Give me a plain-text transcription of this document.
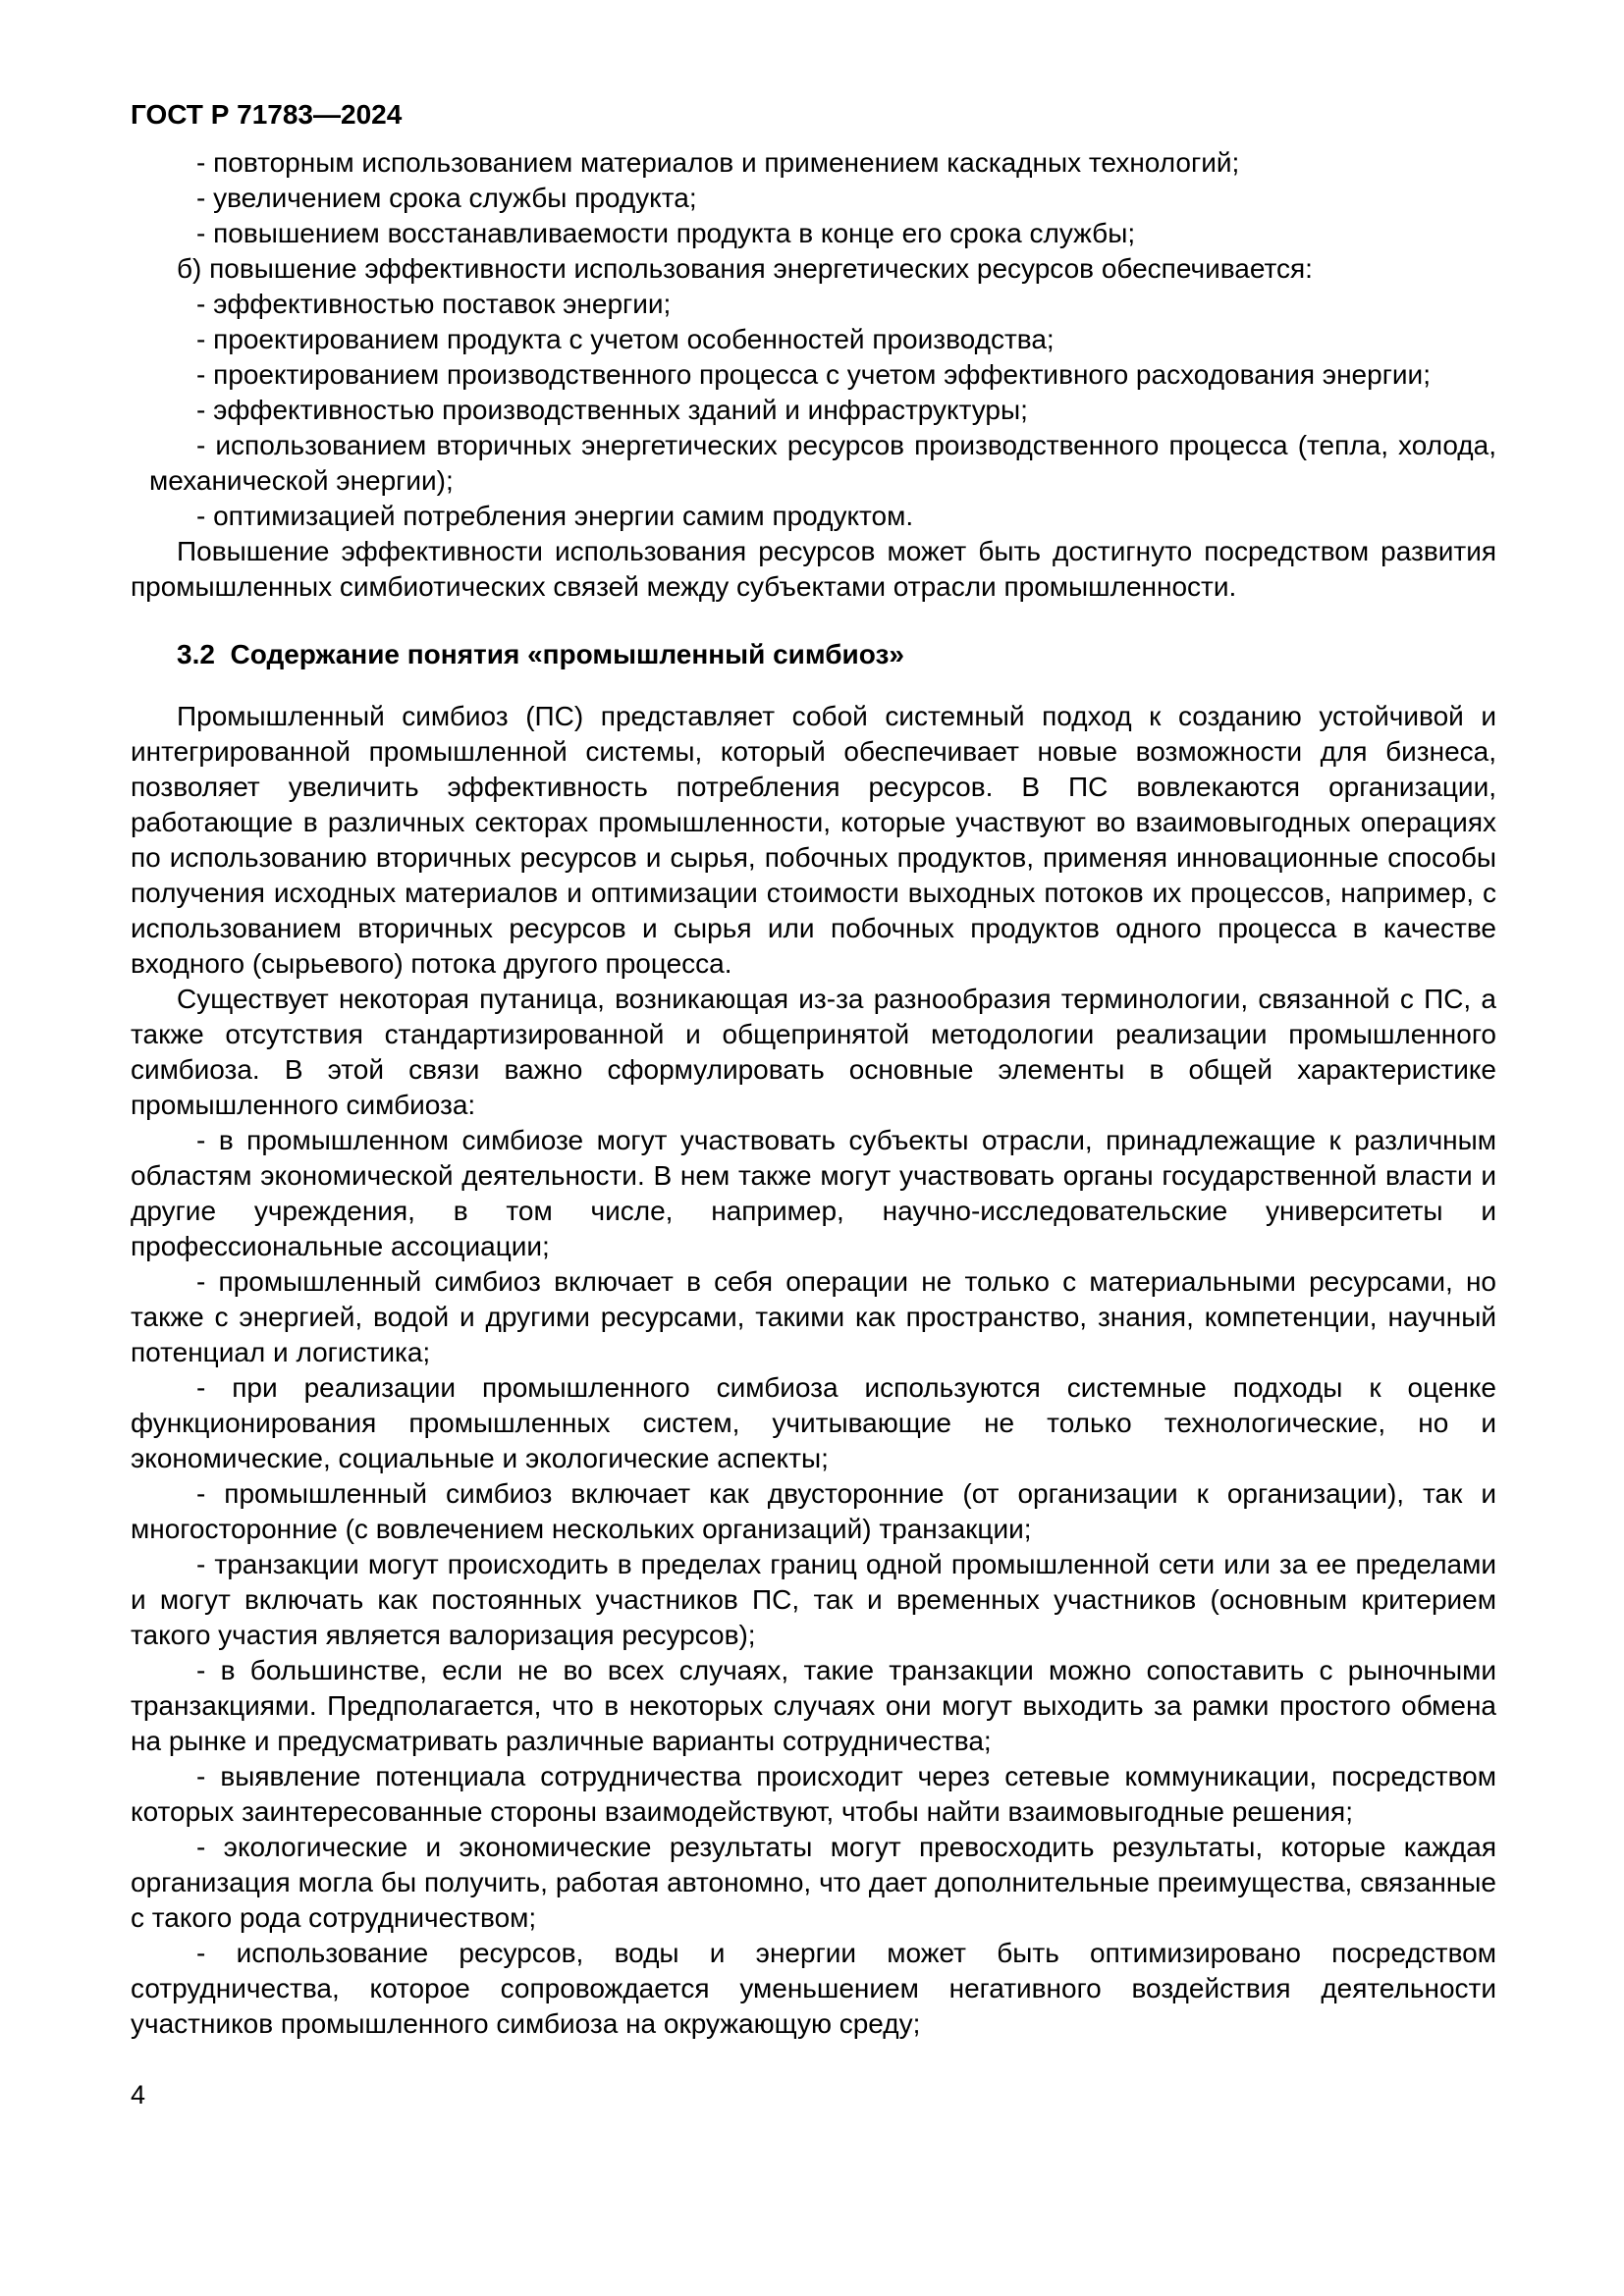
ГОСТ Р 71783—2024

- повторным использованием материалов и применением каскадных технологий;

- увеличением срока службы продукта;

- повышением восстанавливаемости продукта в конце его срока службы;

б) повышение эффективности использования энергетических ресурсов обеспечивается:

- эффективностью поставок энергии;

- проектированием продукта с учетом особенностей производства;

- проектированием производственного процесса с учетом эффективного расходования энергии;

- эффективностью производственных зданий и инфраструктуры;

- использованием вторичных энергетических ресурсов производственного процесса (тепла, холода, механической энергии);

- оптимизацией потребления энергии самим продуктом.

Повышение эффективности использования ресурсов может быть достигнуто посредством развития промышленных симбиотических связей между субъектами отрасли промышленности.

3.2  Содержание понятия «промышленный симбиоз»

Промышленный симбиоз (ПС) представляет собой системный подход к созданию устойчивой и интегрированной промышленной системы, который обеспечивает новые возможности для бизнеса, позволяет увеличить эффективность потребления ресурсов. В ПС вовлекаются организации, работающие в различных секторах промышленности, которые участвуют во взаимовыгодных операциях по использованию вторичных ресурсов и сырья, побочных продуктов, применяя инновационные способы получения исходных материалов и оптимизации стоимости выходных потоков их процессов, например, с использованием вторичных ресурсов и сырья или побочных продуктов одного процесса в качестве входного (сырьевого) потока другого процесса.

Существует некоторая путаница, возникающая из-за разнообразия терминологии, связанной с ПС, а также отсутствия стандартизированной и общепринятой методологии реализации промышленного симбиоза. В этой связи важно сформулировать основные элементы в общей характеристике промышленного симбиоза:

- в промышленном симбиозе могут участвовать субъекты отрасли, принадлежащие к различным областям экономической деятельности. В нем также могут участвовать органы государственной власти и другие учреждения, в том числе, например, научно-исследовательские университеты и профессиональные ассоциации;

- промышленный симбиоз включает в себя операции не только с материальными ресурсами, но также с энергией, водой и другими ресурсами, такими как пространство, знания, компетенции, научный потенциал и логистика;

- при реализации промышленного симбиоза используются системные подходы к оценке функционирования промышленных систем, учитывающие не только технологические, но и экономические, социальные и экологические аспекты;

- промышленный симбиоз включает как двусторонние (от организации к организации), так и многосторонние (с вовлечением нескольких организаций) транзакции;

- транзакции могут происходить в пределах границ одной промышленной сети или за ее пределами и могут включать как постоянных участников ПС, так и временных участников (основным критерием такого участия является валоризация ресурсов);

- в большинстве, если не во всех случаях, такие транзакции можно сопоставить с рыночными транзакциями. Предполагается, что в некоторых случаях они могут выходить за рамки простого обмена на рынке и предусматривать различные варианты сотрудничества;

- выявление потенциала сотрудничества происходит через сетевые коммуникации, посредством которых заинтересованные стороны взаимодействуют, чтобы найти взаимовыгодные решения;

- экологические и экономические результаты могут превосходить результаты, которые каждая организация могла бы получить, работая автономно, что дает дополнительные преимущества, связанные с такого рода сотрудничеством;

- использование ресурсов, воды и энергии может быть оптимизировано посредством сотрудничества, которое сопровождается уменьшением негативного воздействия деятельности участников промышленного симбиоза на окружающую среду;

4
